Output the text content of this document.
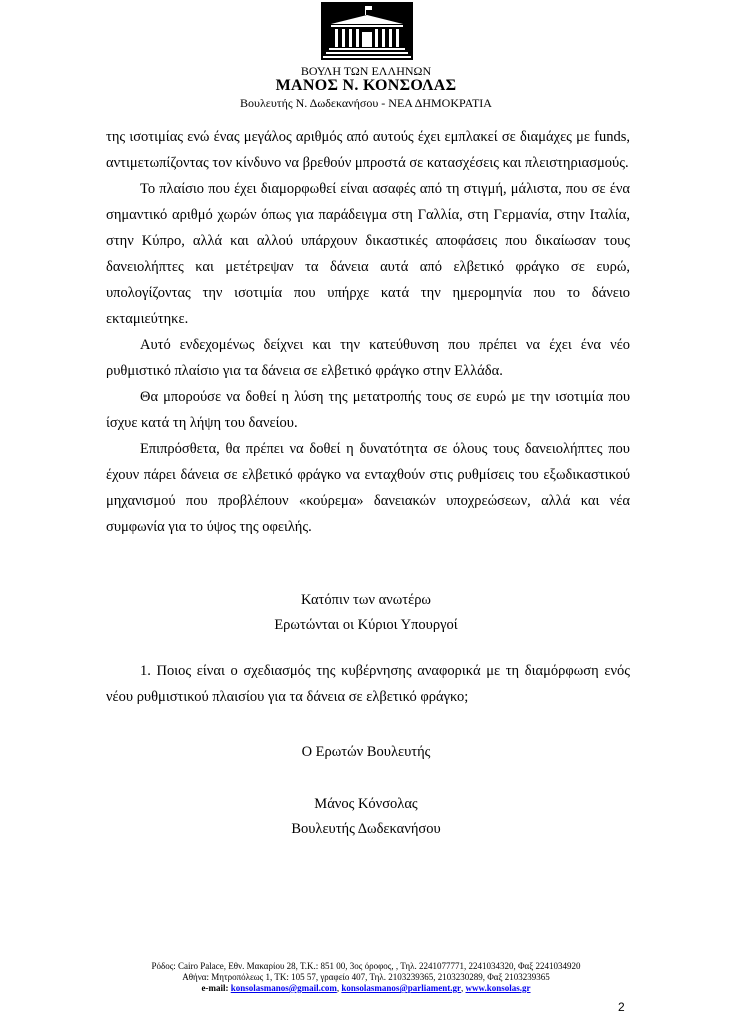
ΒΟΥΛΗ ΤΩΝ ΕΛΛΗΝΩΝ
ΜΑΝΟΣ Ν. ΚΟΝΣΟΛΑΣ
Βουλευτής Ν. Δωδεκανήσου - ΝΕΑ ΔΗΜΟΚΡΑΤΙΑ

της ισοτιμίας ενώ ένας μεγάλος αριθμός από αυτούς έχει εμπλακεί σε διαμάχες με funds, αντιμετωπίζοντας τον κίνδυνο να βρεθούν μπροστά σε κατασχέσεις και πλειστηριασμούς.

Το πλαίσιο που έχει διαμορφωθεί είναι ασαφές από τη στιγμή, μάλιστα, που σε ένα σημαντικό αριθμό χωρών όπως για παράδειγμα στη Γαλλία, στη Γερμανία, στην Ιταλία, στην Κύπρο, αλλά και αλλού υπάρχουν δικαστικές αποφάσεις που δικαίωσαν τους δανειολήπτες και μετέτρεψαν τα δάνεια αυτά από ελβετικό φράγκο σε ευρώ, υπολογίζοντας την ισοτιμία που υπήρχε κατά την ημερομηνία που το δάνειο εκταμιεύτηκε.

Αυτό ενδεχομένως δείχνει και την κατεύθυνση που πρέπει να έχει ένα νέο ρυθμιστικό πλαίσιο για τα δάνεια σε ελβετικό φράγκο στην Ελλάδα.

Θα μπορούσε να δοθεί η λύση της μετατροπής τους σε ευρώ με την ισοτιμία που ίσχυε κατά τη λήψη του δανείου.

Επιπρόσθετα, θα πρέπει να δοθεί η δυνατότητα σε όλους τους δανειολήπτες που έχουν πάρει δάνεια σε ελβετικό φράγκο να ενταχθούν στις ρυθμίσεις του εξωδικαστικού μηχανισμού που προβλέπουν «κούρεμα» δανειακών υποχρεώσεων, αλλά και νέα συμφωνία για το ύψος της οφειλής.

Κατόπιν των ανωτέρω
Ερωτώνται οι Κύριοι Υπουργοί

1. Ποιος είναι ο σχεδιασμός της κυβέρνησης αναφορικά με τη διαμόρφωση ενός νέου ρυθμιστικού πλαισίου για τα δάνεια σε ελβετικό φράγκο;

Ο Ερωτών Βουλευτής
Μάνος Κόνσολας
Βουλευτής Δωδεκανήσου
Ρόδος: Cairo Palace, Εθν. Μακαρίου 28, Τ.Κ.: 851 00, 3ος όροφος, , Τηλ. 2241077771, 2241034320, Φαξ 2241034920
Αθήνα: Μητροπόλεως 1, ΤΚ: 105 57, γραφείο 407, Τηλ. 2103239365, 2103230289, Φαξ 2103239365
e-mail: konsolasmanos@gmail.com, konsolasmanos@parliament.gr, www.konsolas.gr
2
